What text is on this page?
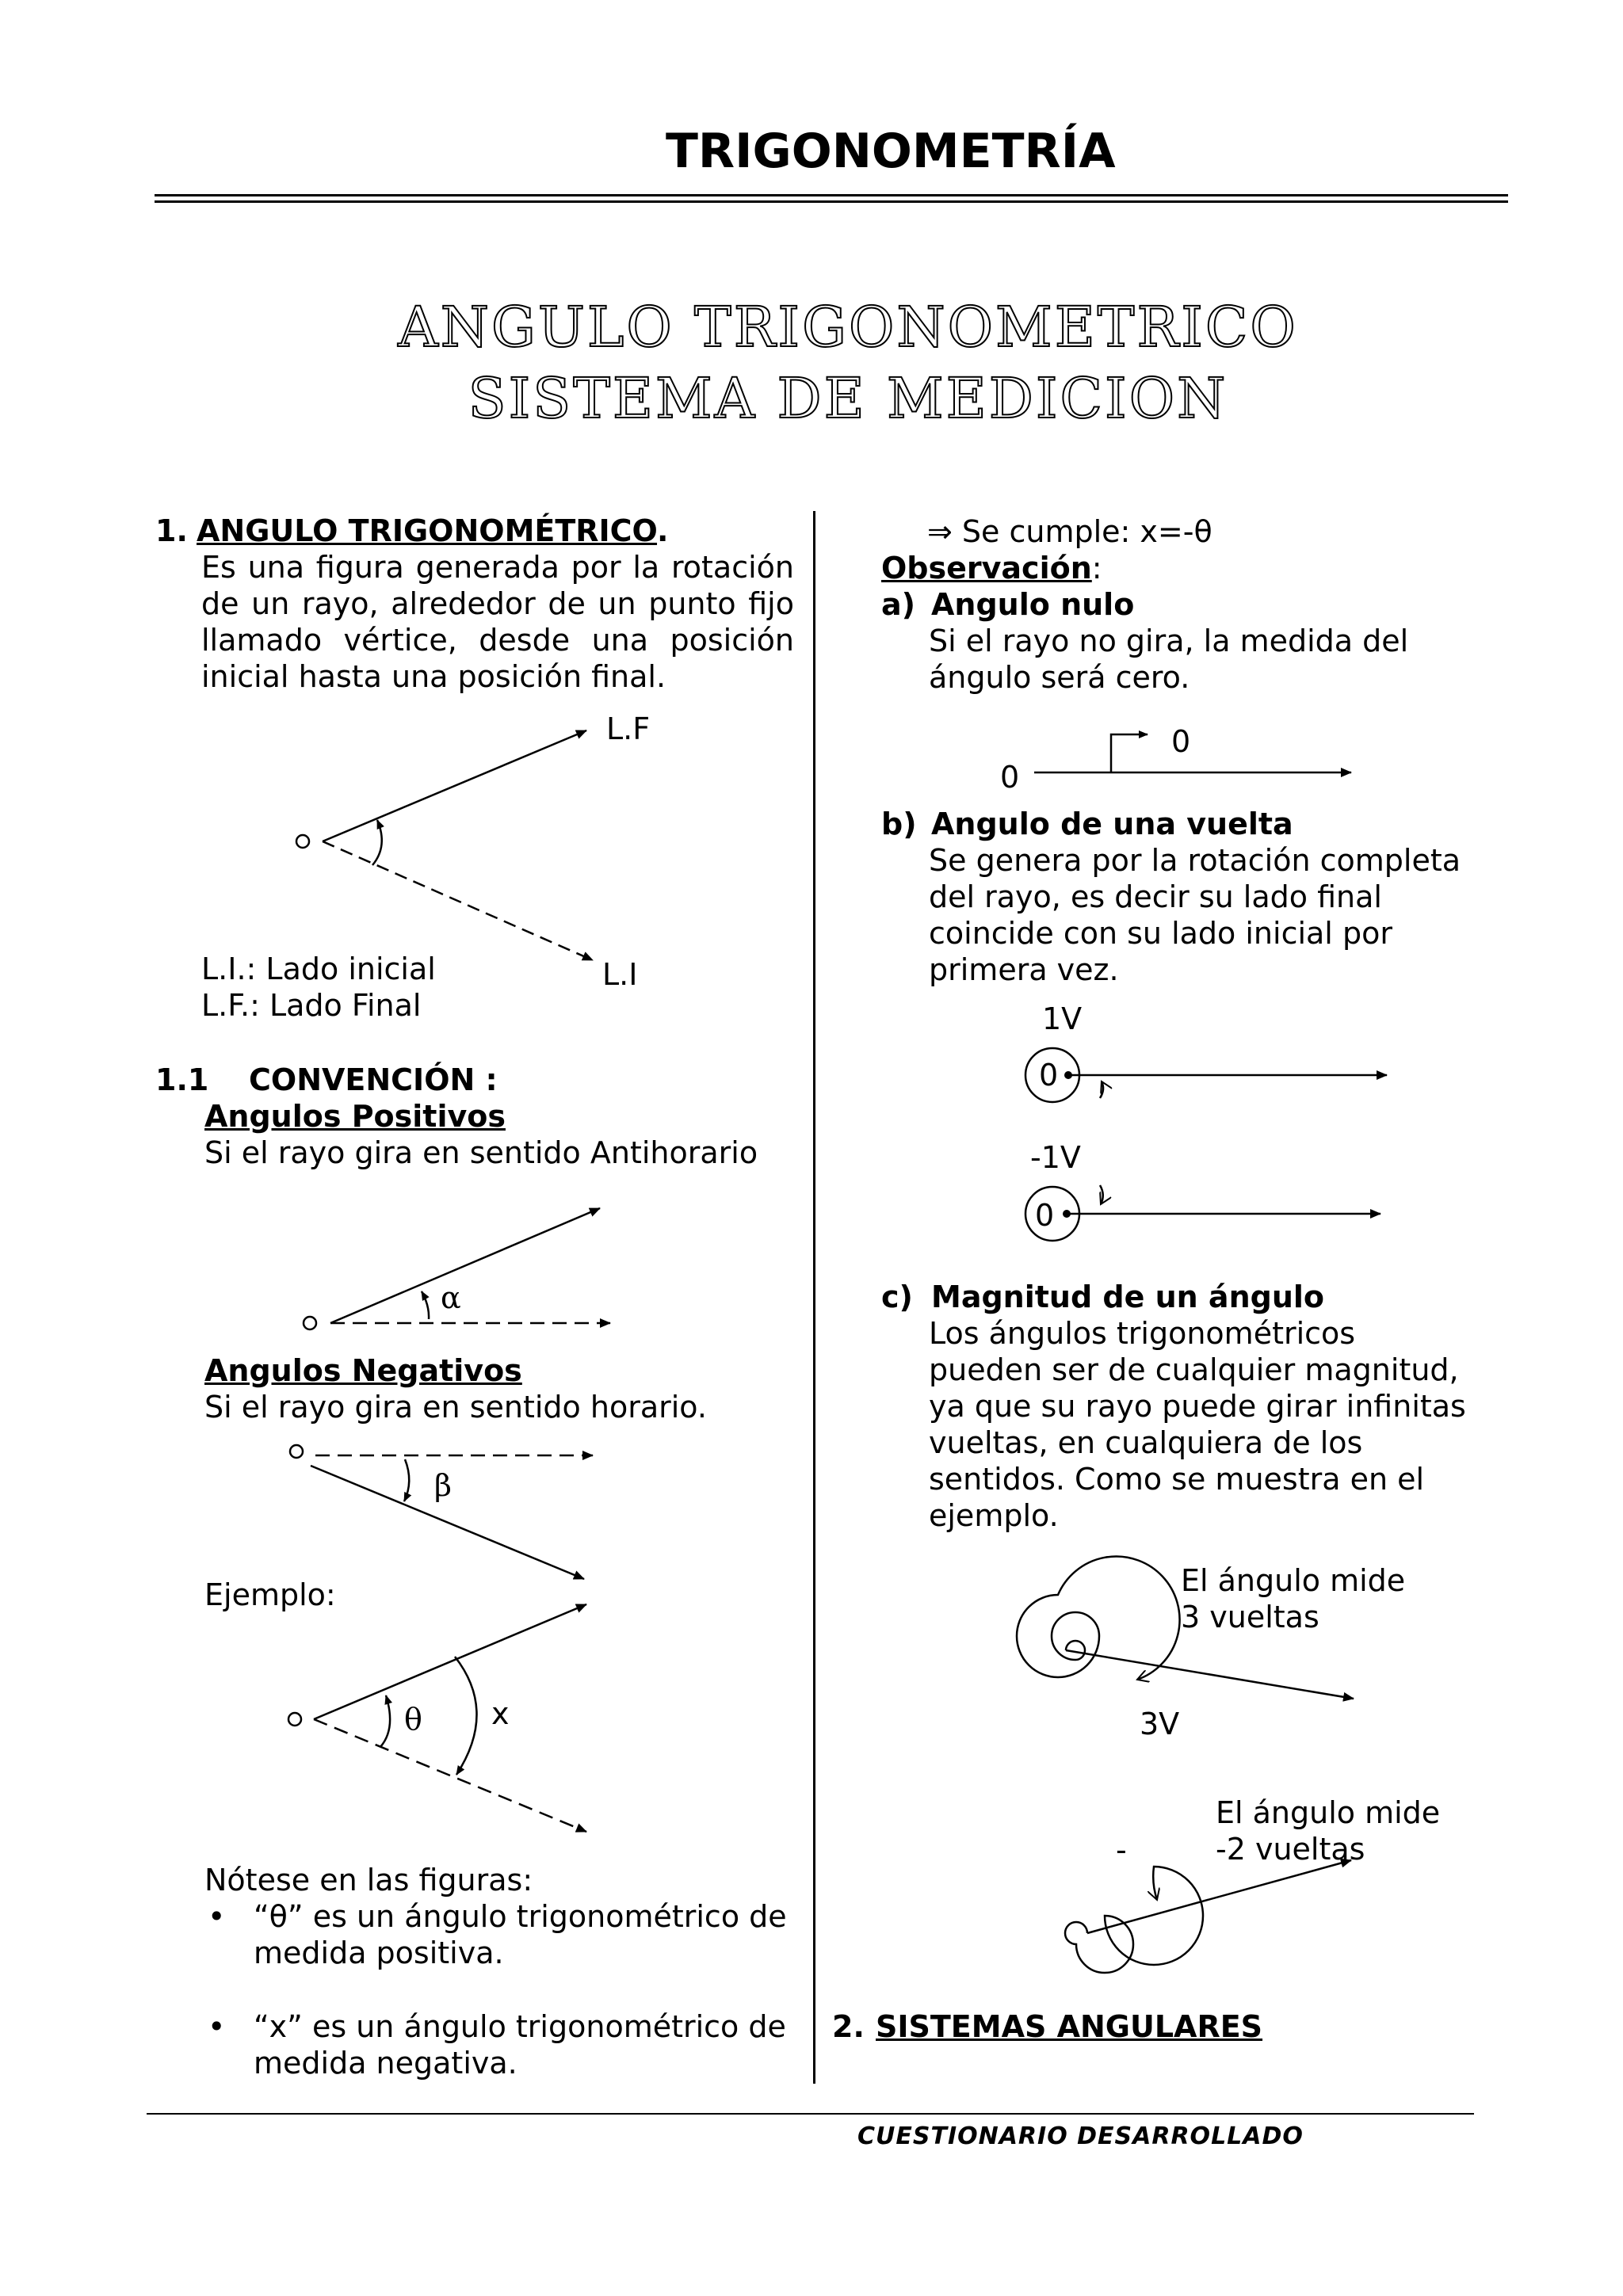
TRIGONOMETRÍA
ANGULO TRIGONOMETRICO
SISTEMA DE MEDICION
1. ANGULO TRIGONOMÉTRICO.
Es una figura generada por la rotación
de un rayo, alrededor de un punto fijo
llamado vértice, desde una posición
inicial hasta una posición final.
L.F
L.I
L.I.: Lado inicial
L.F.: Lado Final
1.1 CONVENCIÓN :
Angulos Positivos
Si el rayo gira en sentido Antihorario
α
Angulos Negativos
Si el rayo gira en sentido horario.
β
Ejemplo:
θ x
Nótese en las figuras:
• “θ” es un ángulo trigonométrico de
medida positiva.
• “x” es un ángulo trigonométrico de
medida negativa.
⇒ Se cumple: x=-θ
Observación:
a) Angulo nulo
Si el rayo no gira, la medida del
ángulo será cero.
0
0
b) Angulo de una vuelta
Se genera por la rotación completa
del rayo, es decir su lado final
coincide con su lado inicial por
primera vez.
1V
0
-1V
0
c) Magnitud de un ángulo
Los ángulos trigonométricos
pueden ser de cualquier magnitud,
ya que su rayo puede girar infinitas
vueltas, en cualquiera de los
sentidos. Como se muestra en el
ejemplo.
El ángulo mide
3 vueltas
3V
-
El ángulo mide
-2 vueltas
2. SISTEMAS ANGULARES
CUESTIONARIO DESARROLLADO
